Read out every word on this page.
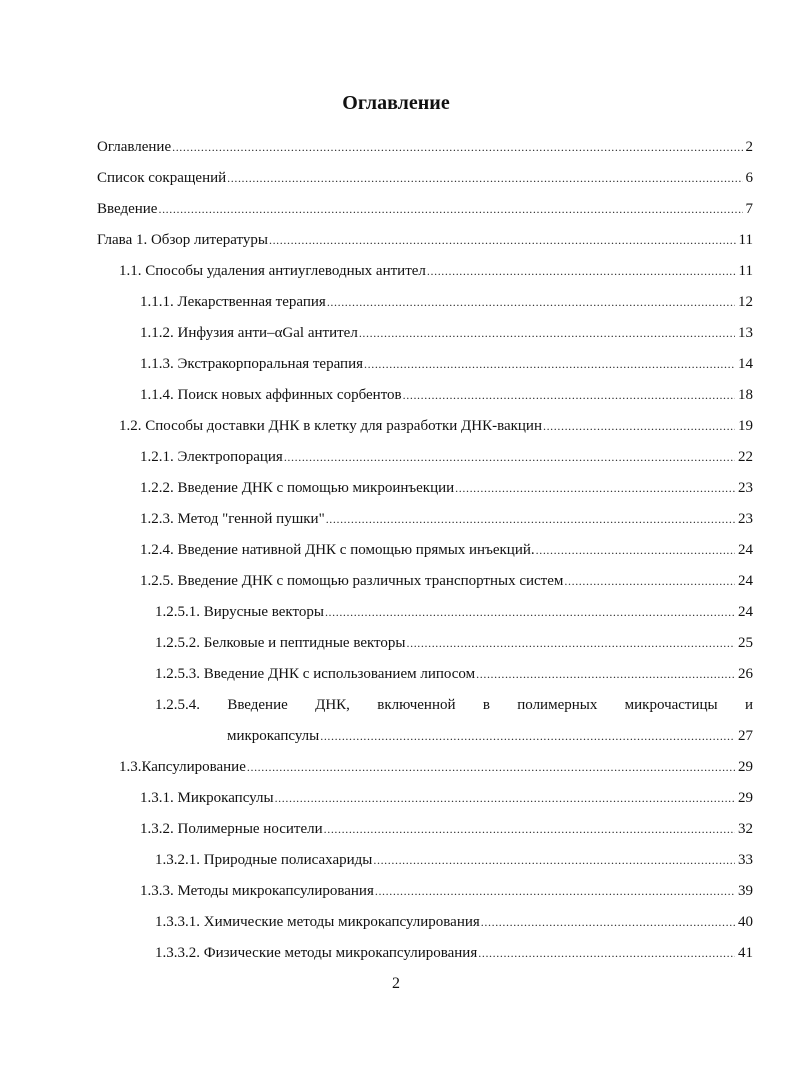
Оглавление
Оглавление .....	2
Список сокращений .....	6
Введение .....	7
Глава 1. Обзор литературы .....	11
1.1. Способы удаления антиуглеводных антител .....	11
1.1.1. Лекарственная терапия .....	12
1.1.2. Инфузия анти–αGal антител .....	13
1.1.3. Экстракорпоральная терапия .....	14
1.1.4. Поиск новых аффинных сорбентов .....	18
1.2. Способы доставки ДНК в клетку для разработки ДНК-вакцин .....	19
1.2.1. Электропорация .....	22
1.2.2. Введение ДНК с помощью микроинъекции .....	23
1.2.3. Метод "генной пушки" .....	23
1.2.4. Введение нативной ДНК с помощью прямых инъекций. .....	24
1.2.5. Введение ДНК с помощью различных транспортных систем .....	24
1.2.5.1. Вирусные векторы .....	24
1.2.5.2. Белковые и пептидные векторы .....	25
1.2.5.3. Введение ДНК с использованием липосом .....	26
1.2.5.4. Введение ДНК, включенной в полимерных микрочастицы и
микрокапсулы .....	27
1.3.Капсулирование .....	29
1.3.1. Микрокапсулы .....	29
1.3.2. Полимерные носители .....	32
1.3.2.1. Природные полисахариды .....	33
1.3.3. Методы микрокапсулирования .....	39
1.3.3.1. Химические методы микрокапсулирования .....	40
1.3.3.2. Физические методы микрокапсулирования .....	41
2
